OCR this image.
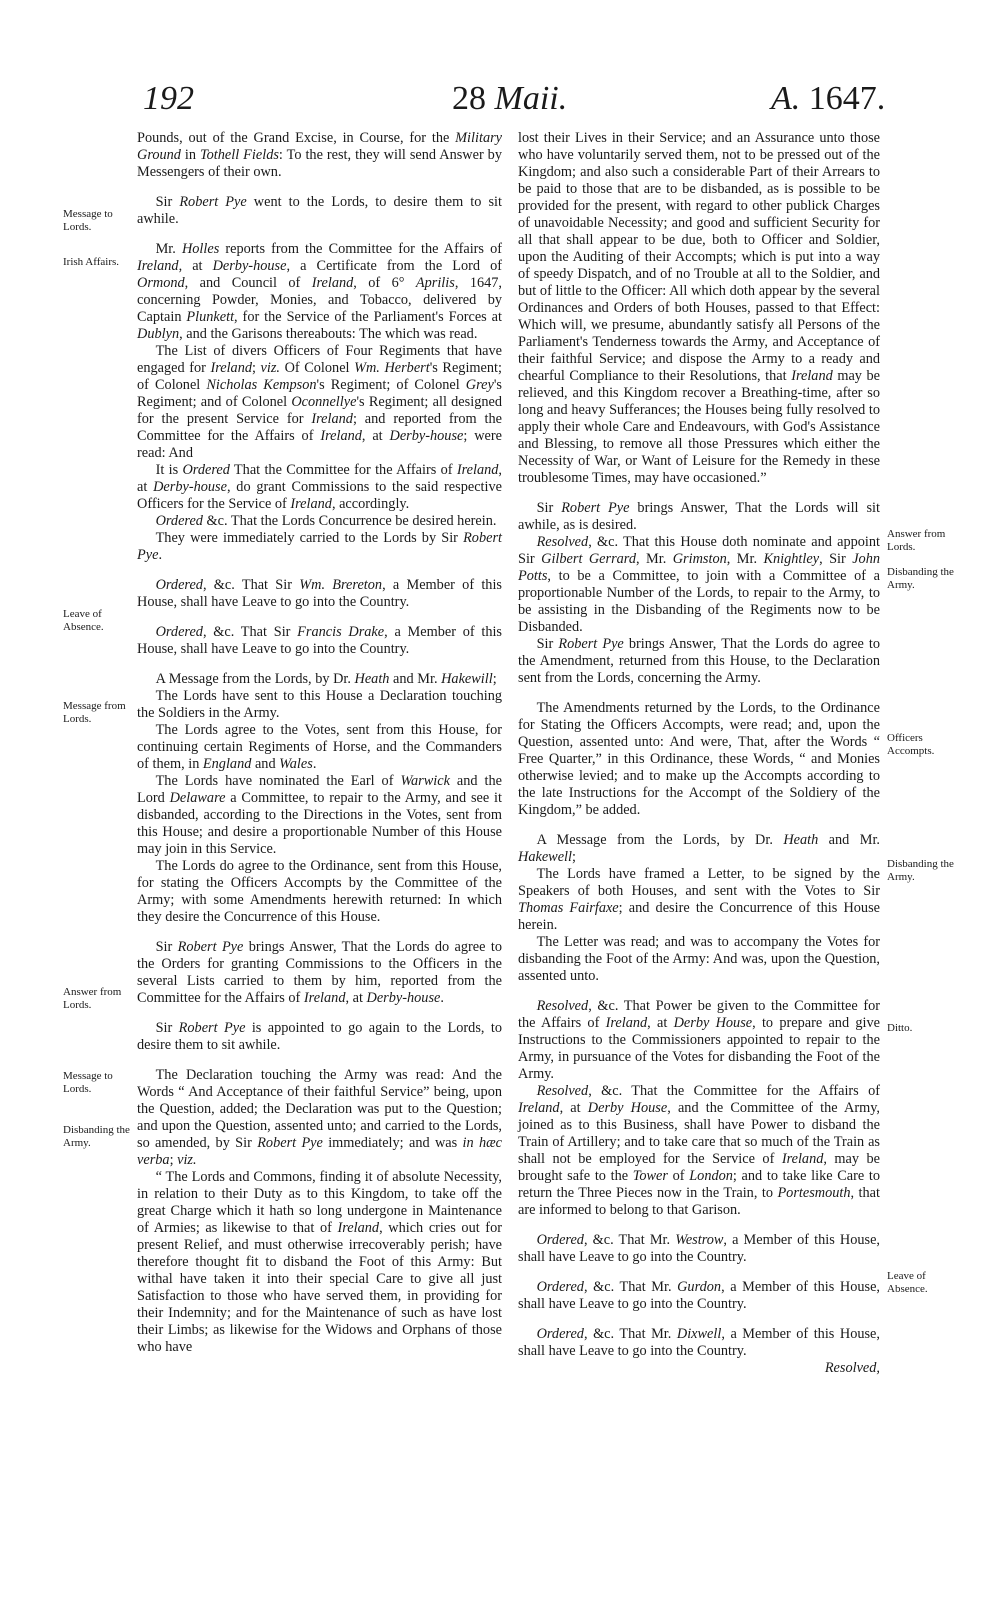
192	28 Maii.	A. 1647.

Pounds, out of the Grand Excise, in Course, for the Military Ground in Tothell Fields: To the rest, they will send Answer by Messengers of their own.

Sir Robert Pye went to the Lords, to desire them to sit awhile.

Mr. Holles reports from the Committee for the Affairs of Ireland, at Derby-house, a Certificate from the Lord of Ormond, and Council of Ireland, of 6° Aprilis, 1647, concerning Powder, Monies, and Tobacco, delivered by Captain Plunkett, for the Service of the Parliament's Forces at Dublyn, and the Garisons thereabouts: The which was read.

The List of divers Officers of Four Regiments that have engaged for Ireland; viz. Of Colonel Wm. Herbert's Regiment; of Colonel Nicholas Kempson's Regiment; of Colonel Grey's Regiment; and of Colonel Oconnellye's Regiment; all designed for the present Service for Ireland; and reported from the Committee for the Affairs of Ireland, at Derby-house; were read: And

It is Ordered That the Committee for the Affairs of Ireland, at Derby-house, do grant Commissions to the said respective Officers for the Service of Ireland, accordingly.

Ordered &c. That the Lords Concurrence be desired herein.

They were immediately carried to the Lords by Sir Robert Pye.

Ordered, &c. That Sir Wm. Brereton, a Member of this House, shall have Leave to go into the Country.

Ordered, &c. That Sir Francis Drake, a Member of this House, shall have Leave to go into the Country.

A Message from the Lords, by Dr. Heath and Mr. Hakewill;

The Lords have sent to this House a Declaration touching the Soldiers in the Army.

The Lords agree to the Votes, sent from this House, for continuing certain Regiments of Horse, and the Commanders of them, in England and Wales.

The Lords have nominated the Earl of Warwick and the Lord Delaware a Committee, to repair to the Army, and see it disbanded, according to the Directions in the Votes, sent from this House; and desire a proportionable Number of this House may join in this Service.

The Lords do agree to the Ordinance, sent from this House, for stating the Officers Accompts by the Committee of the Army; with some Amendments herewith returned: In which they desire the Concurrence of this House.

Sir Robert Pye brings Answer, That the Lords do agree to the Orders for granting Commissions to the Officers in the several Lists carried to them by him, reported from the Committee for the Affairs of Ireland, at Derby-house.

Sir Robert Pye is appointed to go again to the Lords, to desire them to sit awhile.

The Declaration touching the Army was read: And the Words “ And Acceptance of their faithful Service” being, upon the Question, added; the Declaration was put to the Question; and upon the Question, assented unto; and carried to the Lords, so amended, by Sir Robert Pye immediately; and was in hæc verba; viz.

“ The Lords and Commons, finding it of absolute Necessity, in relation to their Duty as to this Kingdom, to take off the great Charge which it hath so long undergone in Maintenance of Armies; as likewise to that of Ireland, which cries out for present Relief, and must otherwise irrecoverably perish; have therefore thought fit to disband the Foot of this Army: But withal have taken it into their special Care to give all just Satisfaction to those who have served them, in providing for their Indemnity; and for the Maintenance of such as have lost their Limbs; as likewise for the Widows and Orphans of those who have

lost their Lives in their Service; and an Assurance unto those who have voluntarily served them, not to be pressed out of the Kingdom; and also such a considerable Part of their Arrears to be paid to those that are to be disbanded, as is possible to be provided for the present, with regard to other publick Charges of unavoidable Necessity; and good and sufficient Security for all that shall appear to be due, both to Officer and Soldier, upon the Auditing of their Accompts; which is put into a way of speedy Dispatch, and of no Trouble at all to the Soldier, and but of little to the Officer: All which doth appear by the several Ordinances and Orders of both Houses, passed to that Effect: Which will, we presume, abundantly satisfy all Persons of the Parliament's Tenderness towards the Army, and Acceptance of their faithful Service; and dispose the Army to a ready and chearful Compliance to their Resolutions, that Ireland may be relieved, and this Kingdom recover a Breathing-time, after so long and heavy Sufferances; the Houses being fully resolved to apply their whole Care and Endeavours, with God's Assistance and Blessing, to remove all those Pressures which either the Necessity of War, or Want of Leisure for the Remedy in these troublesome Times, may have occasioned.”

Sir Robert Pye brings Answer, That the Lords will sit awhile, as is desired.

Resolved, &c. That this House doth nominate and appoint Sir Gilbert Gerrard, Mr. Grimston, Mr. Knightley, Sir John Potts, to be a Committee, to join with a Committee of a proportionable Number of the Lords, to repair to the Army, to be assisting in the Disbanding of the Regiments now to be Disbanded.

Sir Robert Pye brings Answer, That the Lords do agree to the Amendment, returned from this House, to the Declaration sent from the Lords, concerning the Army.

The Amendments returned by the Lords, to the Ordinance for Stating the Officers Accompts, were read; and, upon the Question, assented unto: And were, That, after the Words “ Free Quarter,” in this Ordinance, these Words, “ and Monies otherwise levied; and to make up the Accompts according to the late Instructions for the Accompt of the Soldiery of the Kingdom,” be added.

A Message from the Lords, by Dr. Heath and Mr. Hakewell;

The Lords have framed a Letter, to be signed by the Speakers of both Houses, and sent with the Votes to Sir Thomas Fairfaxe; and desire the Concurrence of this House herein.

The Letter was read; and was to accompany the Votes for disbanding the Foot of the Army: And was, upon the Question, assented unto.

Resolved, &c. That Power be given to the Committee for the Affairs of Ireland, at Derby House, to prepare and give Instructions to the Commissioners appointed to repair to the Army, in pursuance of the Votes for disbanding the Foot of the Army.

Resolved, &c. That the Committee for the Affairs of Ireland, at Derby House, and the Committee of the Army, joined as to this Business, shall have Power to disband the Train of Artillery; and to take care that so much of the Train as shall not be employed for the Service of Ireland, may be brought safe to the Tower of London; and to take like Care to return the Three Pieces now in the Train, to Portesmouth, that are informed to belong to that Garison.

Ordered, &c. That Mr. Westrow, a Member of this House, shall have Leave to go into the Country.

Ordered, &c. That Mr. Gurdon, a Member of this House, shall have Leave to go into the Country.

Ordered, &c. That Mr. Dixwell, a Member of this House, shall have Leave to go into the Country.

Resolved,

Message to Lords.
Irish Affairs.
Leave of Absence.
Message from Lords.
Answer from Lords.
Message to Lords.
Disbanding the Army.
Answer from Lords.
Disbanding the Army.
Officers Accompts.
Disbanding the Army.
Ditto.
Leave of Absence.
